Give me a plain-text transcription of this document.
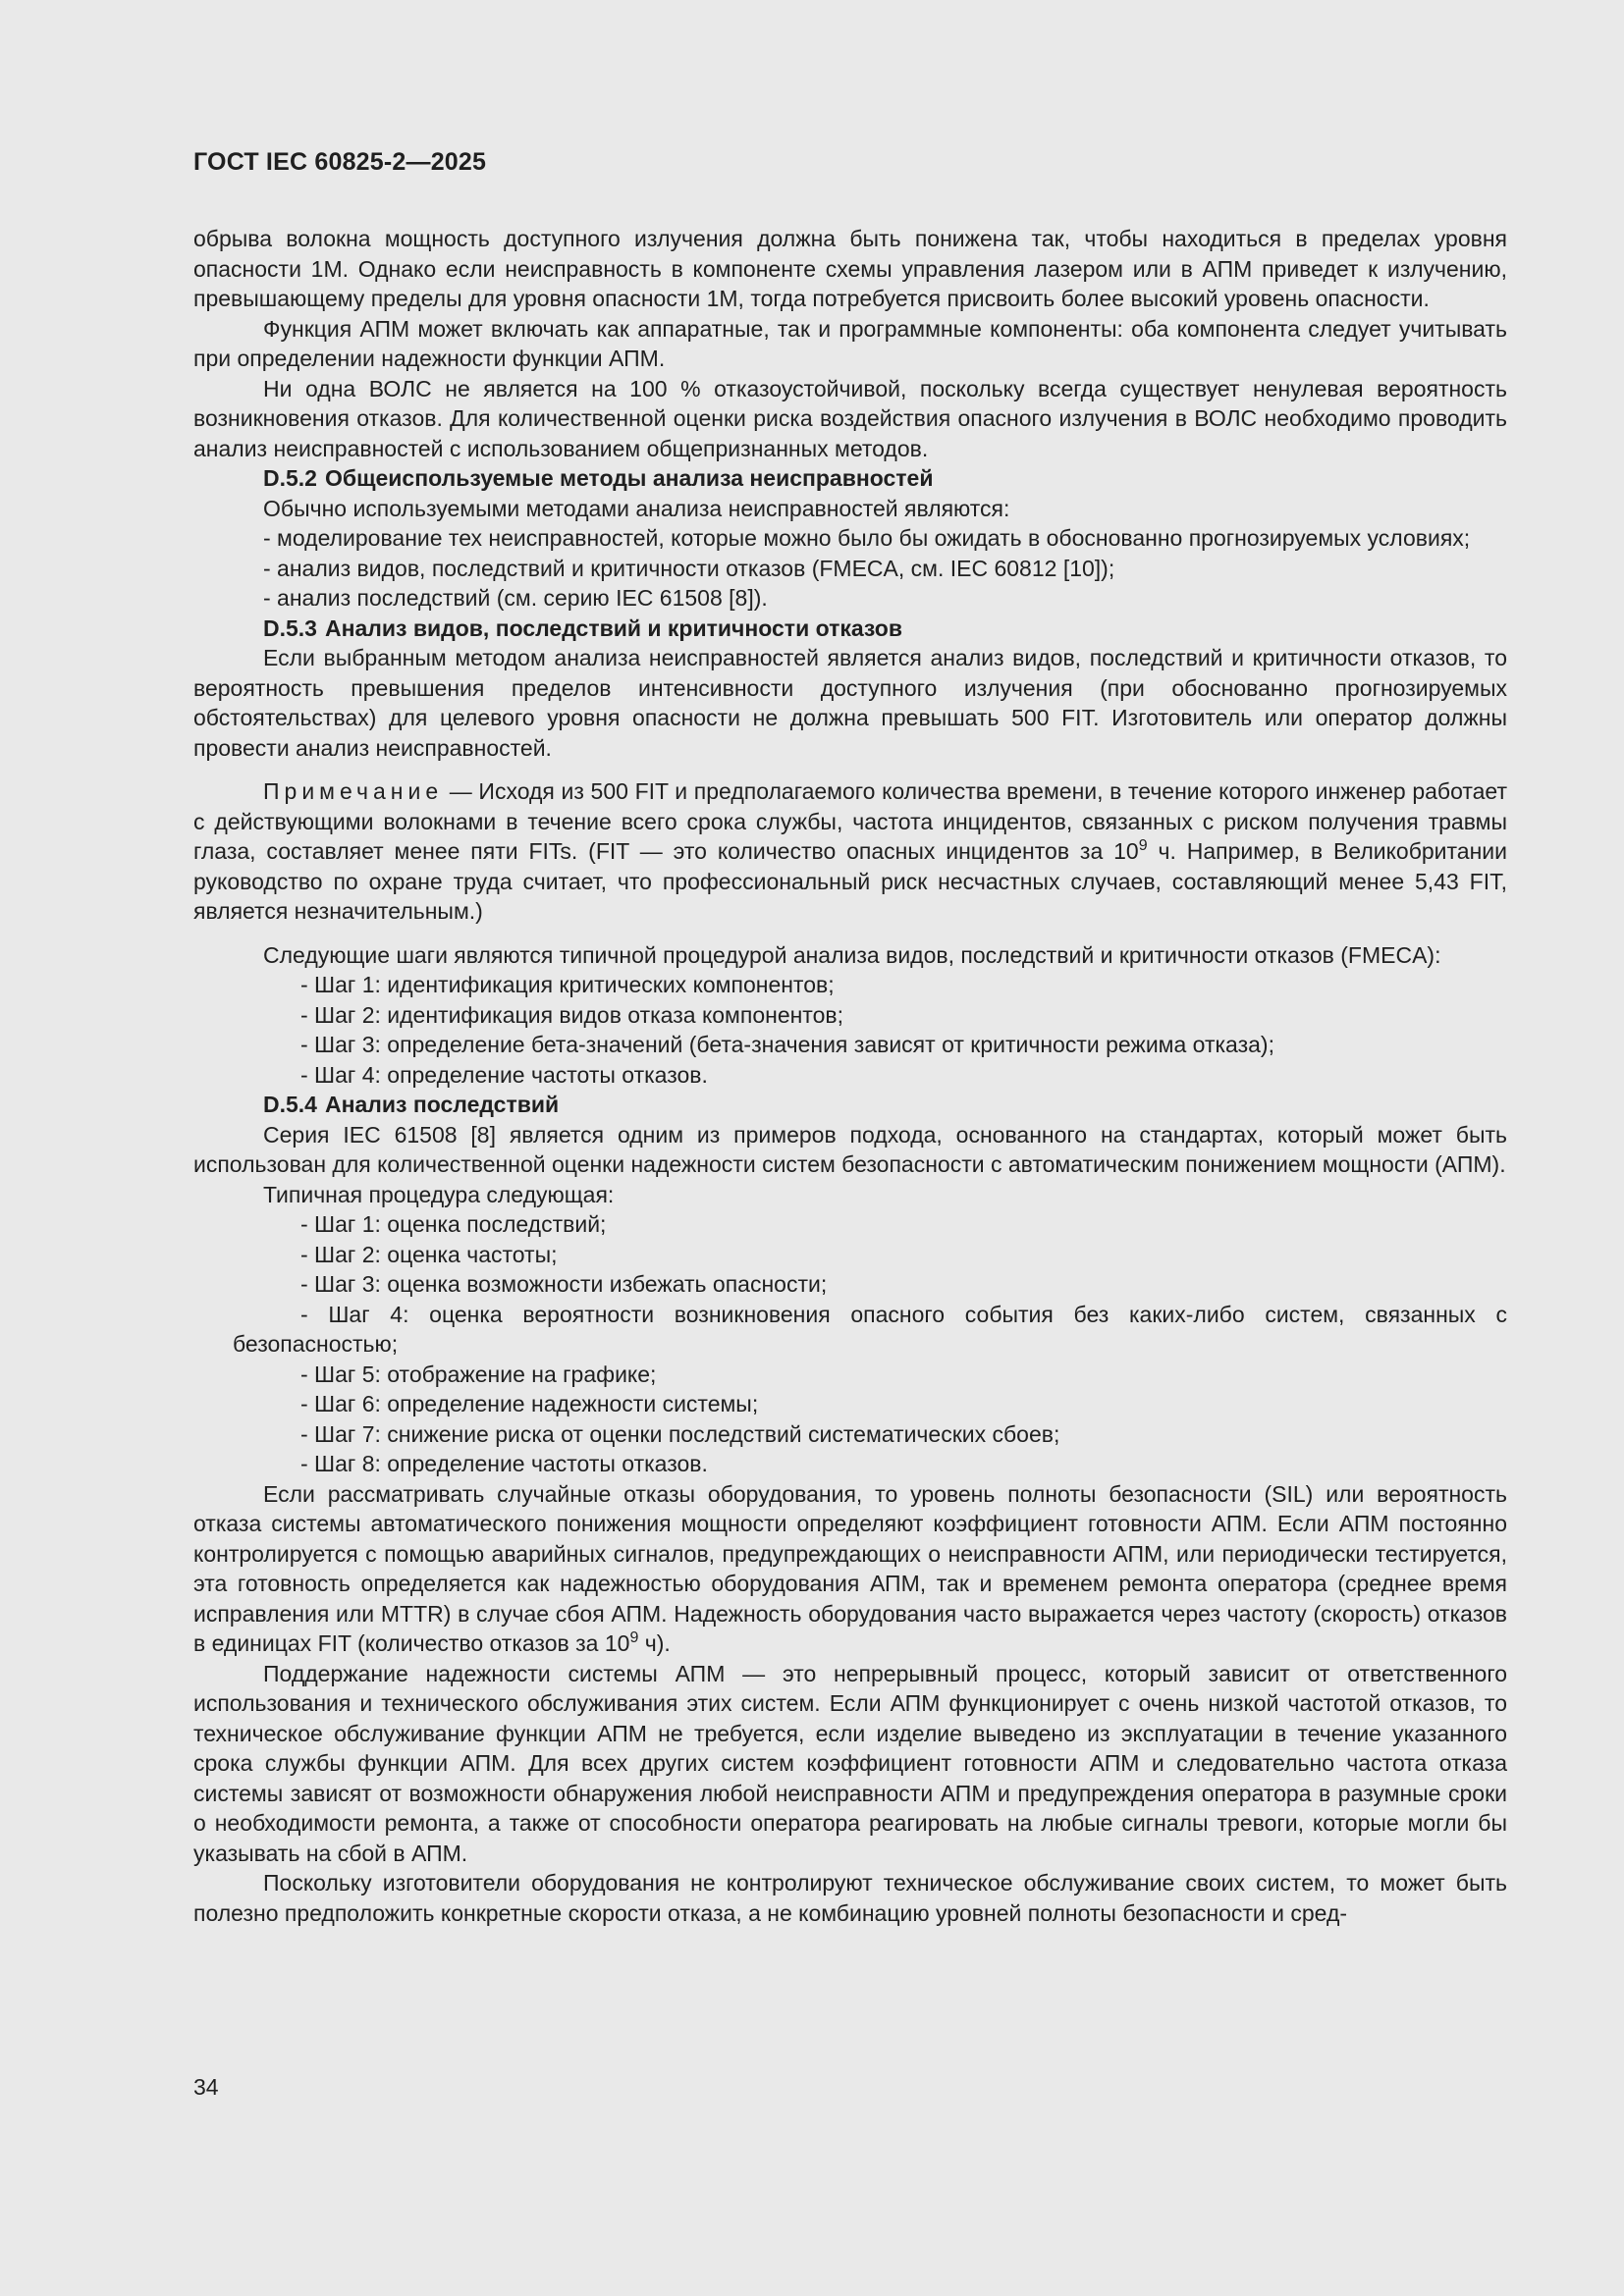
ГОСТ IEC 60825-2—2025

обрыва волокна мощность доступного излучения должна быть понижена так, чтобы находиться в пределах уровня опасности 1М. Однако если неисправность в компоненте схемы управления лазером или в АПМ приведет к излучению, превышающему пределы для уровня опасности 1М, тогда потребуется присвоить более высокий уровень опасности.

Функция АПМ может включать как аппаратные, так и программные компоненты: оба компонента следует учитывать при определении надежности функции АПМ.

Ни одна ВОЛС не является на 100 % отказоустойчивой, поскольку всегда существует ненулевая вероятность возникновения отказов. Для количественной оценки риска воздействия опасного излучения в ВОЛС необходимо проводить анализ неисправностей с использованием общепризнанных методов.

D.5.2 Общеиспользуемые методы анализа неисправностей

Обычно используемыми методами анализа неисправностей являются:

- моделирование тех неисправностей, которые можно было бы ожидать в обоснованно прогнозируемых условиях;

- анализ видов, последствий и критичности отказов (FMECA, см. IEC 60812 [10]);

- анализ последствий (см. серию IEC 61508 [8]).

D.5.3 Анализ видов, последствий и критичности отказов

Если выбранным методом анализа неисправностей является анализ видов, последствий и критичности отказов, то вероятность превышения пределов интенсивности доступного излучения (при обоснованно прогнозируемых обстоятельствах) для целевого уровня опасности не должна превышать 500 FIT. Изготовитель или оператор должны провести анализ неисправностей.

Примечание — Исходя из 500 FIT и предполагаемого количества времени, в течение которого инженер работает с действующими волокнами в течение всего срока службы, частота инцидентов, связанных с риском получения травмы глаза, составляет менее пяти FITs. (FIT — это количество опасных инцидентов за $10^9$ ч. Например, в Великобритании руководство по охране труда считает, что профессиональный риск несчастных случаев, составляющий менее 5,43 FIT, является незначительным.)

Следующие шаги являются типичной процедурой анализа видов, последствий и критичности отказов (FMECA):

- Шаг 1: идентификация критических компонентов;

- Шаг 2: идентификация видов отказа компонентов;

- Шаг 3: определение бета-значений (бета-значения зависят от критичности режима отказа);

- Шаг 4: определение частоты отказов.

D.5.4 Анализ последствий

Серия IEC 61508 [8] является одним из примеров подхода, основанного на стандартах, который может быть использован для количественной оценки надежности систем безопасности с автоматическим понижением мощности (АПМ).

Типичная процедура следующая:

- Шаг 1: оценка последствий;

- Шаг 2: оценка частоты;

- Шаг 3: оценка возможности избежать опасности;

- Шаг 4: оценка вероятности возникновения опасного события без каких-либо систем, связанных с безопасностью;

- Шаг 5: отображение на графике;

- Шаг 6: определение надежности системы;

- Шаг 7: снижение риска от оценки последствий систематических сбоев;

- Шаг 8: определение частоты отказов.

Если рассматривать случайные отказы оборудования, то уровень полноты безопасности (SIL) или вероятность отказа системы автоматического понижения мощности определяют коэффициент готовности АПМ. Если АПМ постоянно контролируется с помощью аварийных сигналов, предупреждающих о неисправности АПМ, или периодически тестируется, эта готовность определяется как надежностью оборудования АПМ, так и временем ремонта оператора (среднее время исправления или MTTR) в случае сбоя АПМ. Надежность оборудования часто выражается через частоту (скорость) отказов в единицах FIT (количество отказов за $10^9$ ч).

Поддержание надежности системы АПМ — это непрерывный процесс, который зависит от ответственного использования и технического обслуживания этих систем. Если АПМ функционирует с очень низкой частотой отказов, то техническое обслуживание функции АПМ не требуется, если изделие выведено из эксплуатации в течение указанного срока службы функции АПМ. Для всех других систем коэффициент готовности АПМ и следовательно частота отказа системы зависят от возможности обнаружения любой неисправности АПМ и предупреждения оператора в разумные сроки о необходимости ремонта, а также от способности оператора реагировать на любые сигналы тревоги, которые могли бы указывать на сбой в АПМ.

Поскольку изготовители оборудования не контролируют техническое обслуживание своих систем, то может быть полезно предположить конкретные скорости отказа, а не комбинацию уровней полноты безопасности и сред-

34
